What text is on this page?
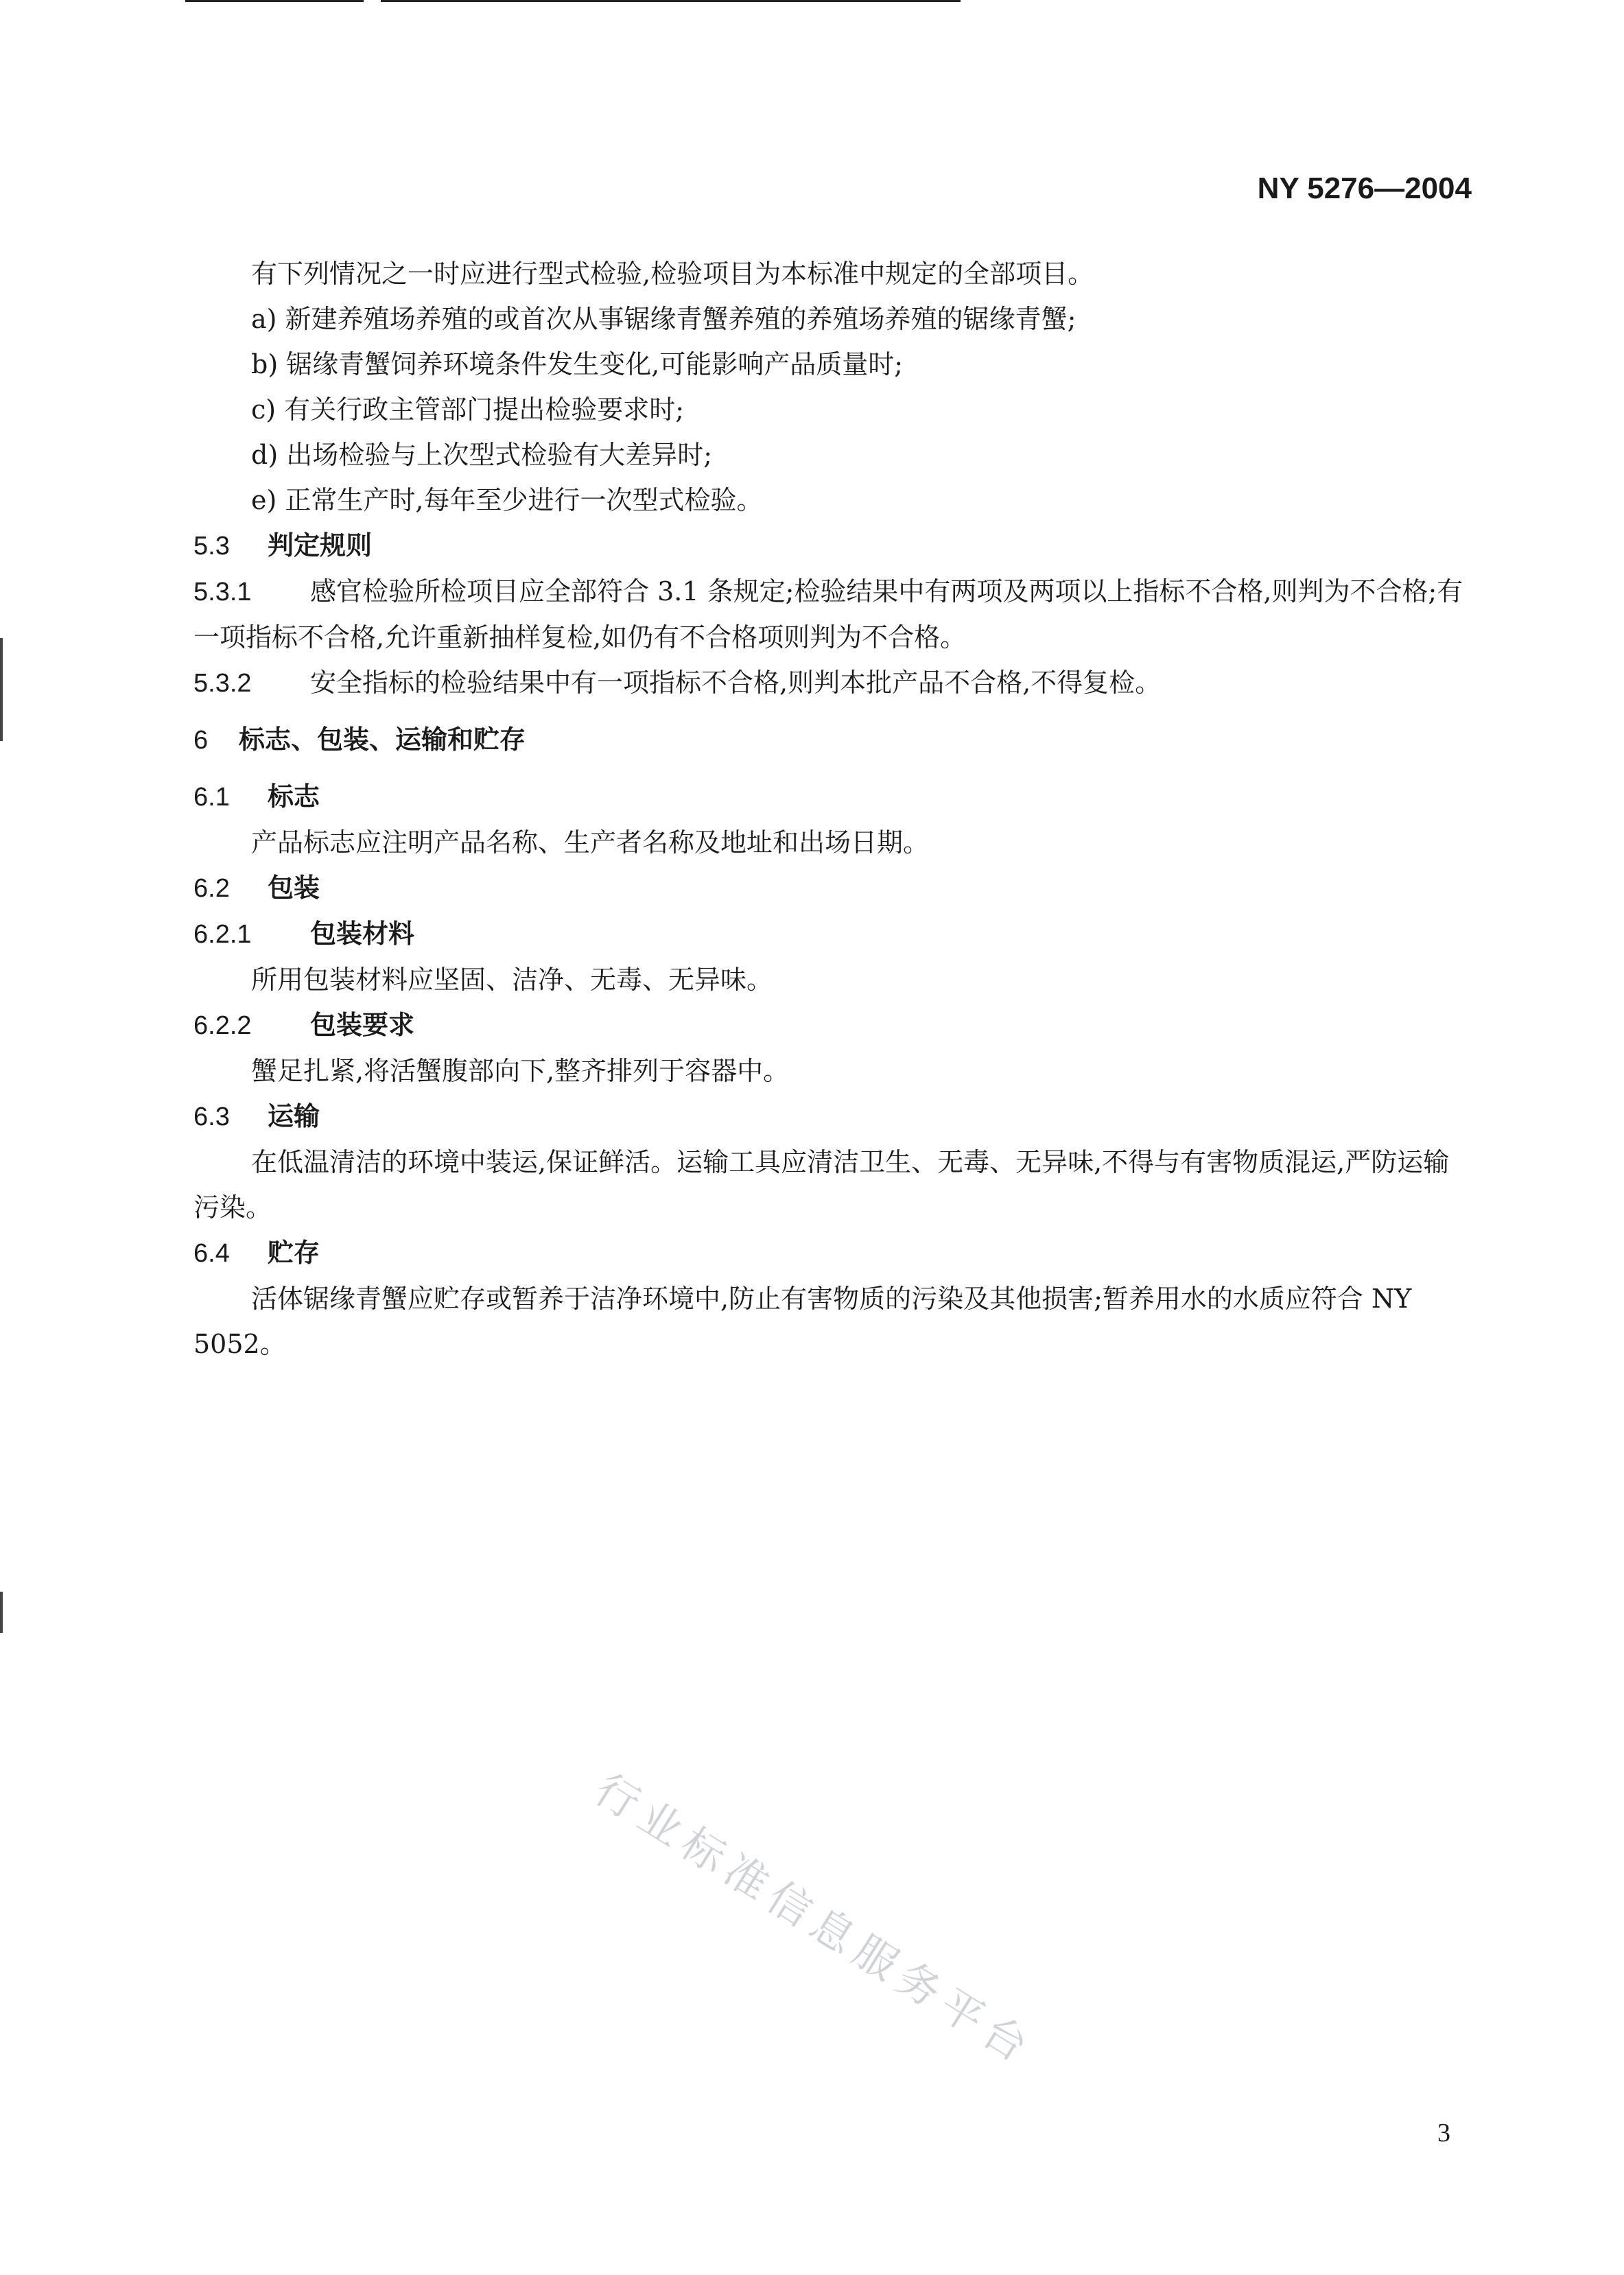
NY 5276—2004

有下列情况之一时应进行型式检验,检验项目为本标准中规定的全部项目。

a) 新建养殖场养殖的或首次从事锯缘青蟹养殖的养殖场养殖的锯缘青蟹;

b) 锯缘青蟹饲养环境条件发生变化,可能影响产品质量时;

c) 有关行政主管部门提出检验要求时;

d) 出场检验与上次型式检验有大差异时;

e) 正常生产时,每年至少进行一次型式检验。

5.3 判定规则

5.3.1 感官检验所检项目应全部符合 3.1 条规定;检验结果中有两项及两项以上指标不合格,则判为不合格;有一项指标不合格,允许重新抽样复检,如仍有不合格项则判为不合格。

5.3.2 安全指标的检验结果中有一项指标不合格,则判本批产品不合格,不得复检。

6 标志、包装、运输和贮存
6.1 标志

产品标志应注明产品名称、生产者名称及地址和出场日期。

6.2 包装
6.2.1 包装材料

所用包装材料应坚固、洁净、无毒、无异味。

6.2.2 包装要求

蟹足扎紧,将活蟹腹部向下,整齐排列于容器中。

6.3 运输

在低温清洁的环境中装运,保证鲜活。运输工具应清洁卫生、无毒、无异味,不得与有害物质混运,严防运输污染。

6.4 贮存

活体锯缘青蟹应贮存或暂养于洁净环境中,防止有害物质的污染及其他损害;暂养用水的水质应符合 NY 5052。

行业标准信息服务平台
3
